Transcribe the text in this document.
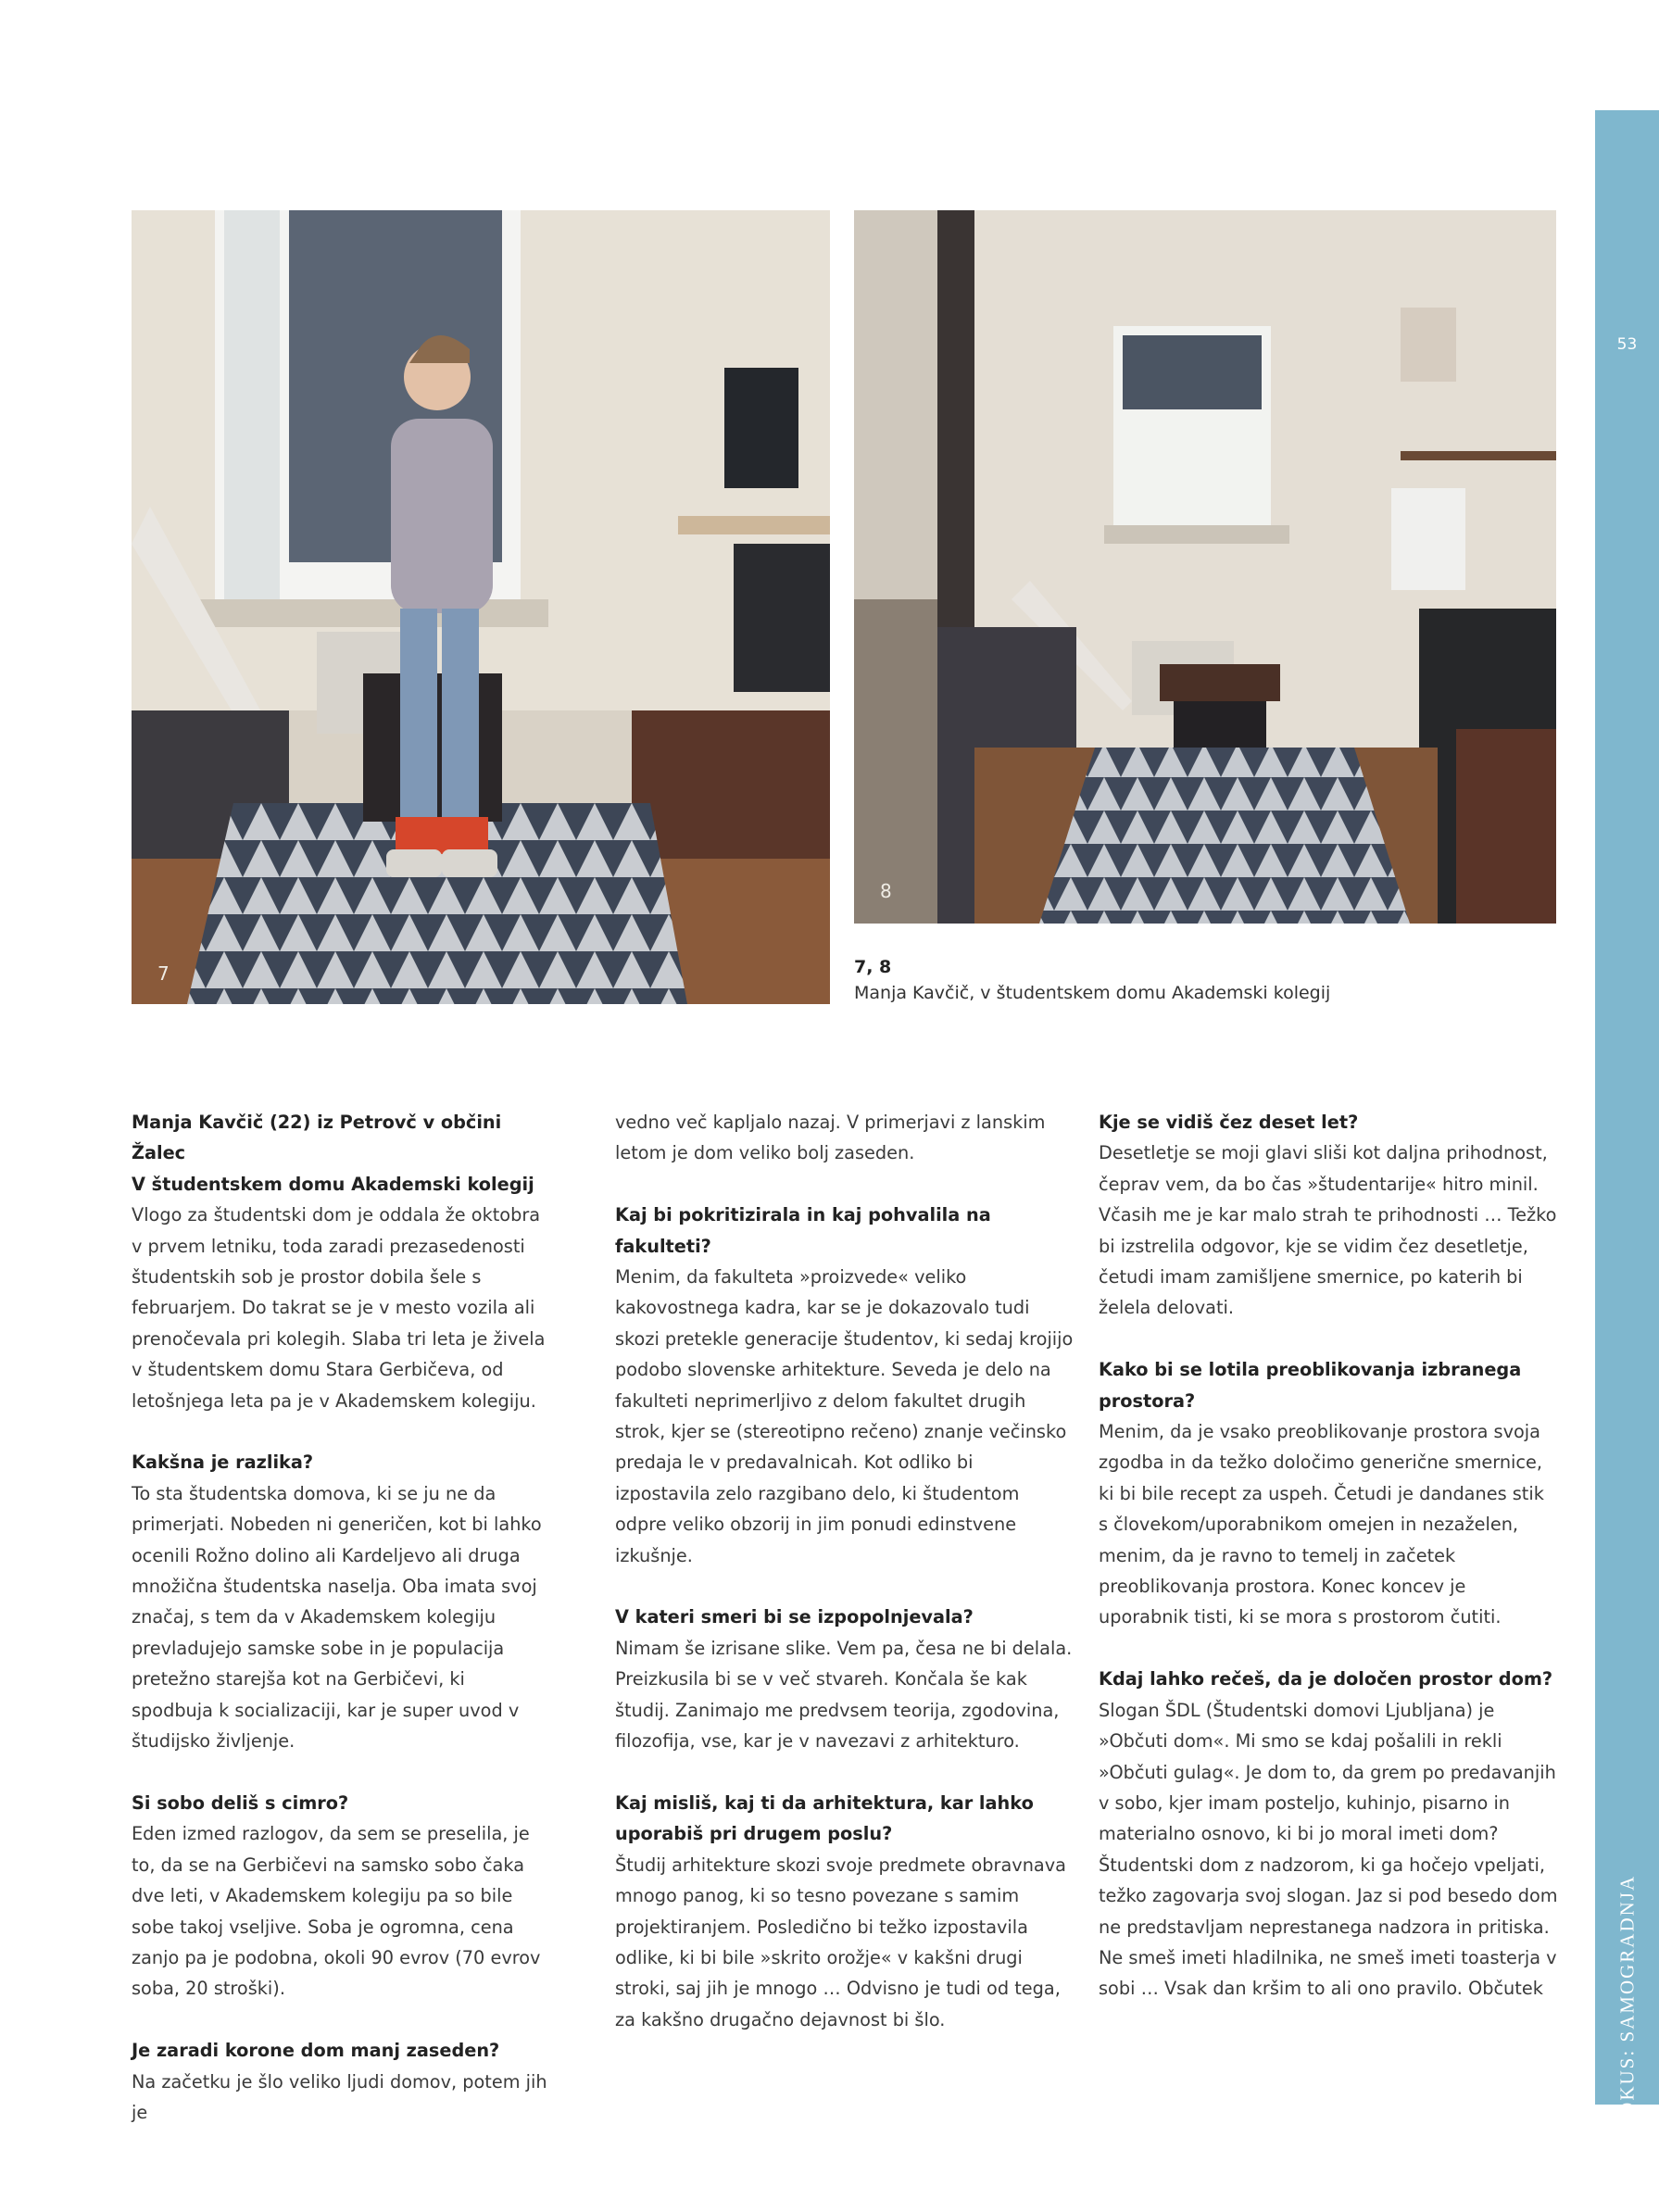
7
8
7, 8
Manja Kavčič, v študentskem domu Akademski kolegij

Manja Kavčič (22) iz Petrovč v občini Žalec

V študentskem domu Akademski kolegij

Vlogo za študentski dom je oddala že oktobra v prvem letniku, toda zaradi prezasedenosti študentskih sob je prostor dobila šele s februarjem. Do takrat se je v mesto vozila ali prenočevala pri kolegih. Slaba tri leta je živela v študentskem domu Stara Gerbičeva, od letošnjega leta pa je v Akademskem kolegiju.

Kakšna je razlika?

To sta študentska domova, ki se ju ne da primerjati. Nobeden ni generičen, kot bi lahko ocenili Rožno dolino ali Kardeljevo ali druga množična študentska naselja. Oba imata svoj značaj, s tem da v Akademskem kolegiju prevladujejo samske sobe in je populacija pretežno starejša kot na Gerbičevi, ki spodbuja k socializaciji, kar je super uvod v študijsko življenje.

Si sobo deliš s cimro?

Eden izmed razlogov, da sem se preselila, je to, da se na Gerbičevi na samsko sobo čaka dve leti, v Akademskem kolegiju pa so bile sobe takoj vseljive. Soba je ogromna, cena zanjo pa je podobna, okoli 90 evrov (70 evrov soba, 20 stroški).

Je zaradi korone dom manj zaseden?

Na začetku je šlo veliko ljudi domov, potem jih je

vedno več kapljalo nazaj. V primerjavi z lanskim letom je dom veliko bolj zaseden.

Kaj bi pokritizirala in kaj pohvalila na fakulteti?

Menim, da fakulteta »proizvede« veliko kakovostnega kadra, kar se je dokazovalo tudi skozi pretekle generacije študentov, ki sedaj krojijo podobo slovenske arhitekture. Seveda je delo na fakulteti neprimerljivo z delom fakultet drugih strok, kjer se (stereotipno rečeno) znanje večinsko predaja le v predavalnicah. Kot odliko bi izpostavila zelo razgibano delo, ki študentom odpre veliko obzorij in jim ponudi edinstvene izkušnje.

V kateri smeri bi se izpopolnjevala?

Nimam še izrisane slike. Vem pa, česa ne bi delala. Preizkusila bi se v več stvareh. Končala še kak študij. Zanimajo me predvsem teorija, zgodovina, filozofija, vse, kar je v navezavi z arhitekturo.

Kaj misliš, kaj ti da arhitektura, kar lahko uporabiš pri drugem poslu?

Študij arhitekture skozi svoje predmete obravnava mnogo panog, ki so tesno povezane s samim projektiranjem. Posledično bi težko izpostavila odlike, ki bi bile »skrito orožje« v kakšni drugi stroki, saj jih je mnogo … Odvisno je tudi od tega, za kakšno drugačno dejavnost bi šlo.

Kje se vidiš čez deset let?

Desetletje se moji glavi sliši kot daljna prihodnost, čeprav vem, da bo čas »študentarije« hitro minil. Včasih me je kar malo strah te prihodnosti … Težko bi izstrelila odgovor, kje se vidim čez desetletje, četudi imam zamišljene smernice, po katerih bi želela delovati.

Kako bi se lotila preoblikovanja izbranega prostora?

Menim, da je vsako preoblikovanje prostora svoja zgodba in da težko določimo generične smernice, ki bi bile recept za uspeh. Četudi je dandanes stik s človekom/uporabnikom omejen in nezaželen, menim, da je ravno to temelj in začetek preoblikovanja prostora. Konec koncev je uporabnik tisti, ki se mora s prostorom čutiti.

Kdaj lahko rečeš, da je določen prostor dom?

Slogan ŠDL (Študentski domovi Ljubljana) je »Občuti dom«. Mi smo se kdaj pošalili in rekli »Občuti gulag«. Je dom to, da grem po predavanjih v sobo, kjer imam posteljo, kuhinjo, pisarno in materialno osnovo, ki bi jo moral imeti dom? Študentski dom z nadzorom, ki ga hočejo vpeljati, težko zagovarja svoj slogan. Jaz si pod besedo dom ne predstavljam neprestanega nadzora in pritiska. Ne smeš imeti hladilnika, ne smeš imeti toasterja v sobi … Vsak dan kršim to ali ono pravilo. Občutek

53
FOKUS: SAMOGRADNJA
